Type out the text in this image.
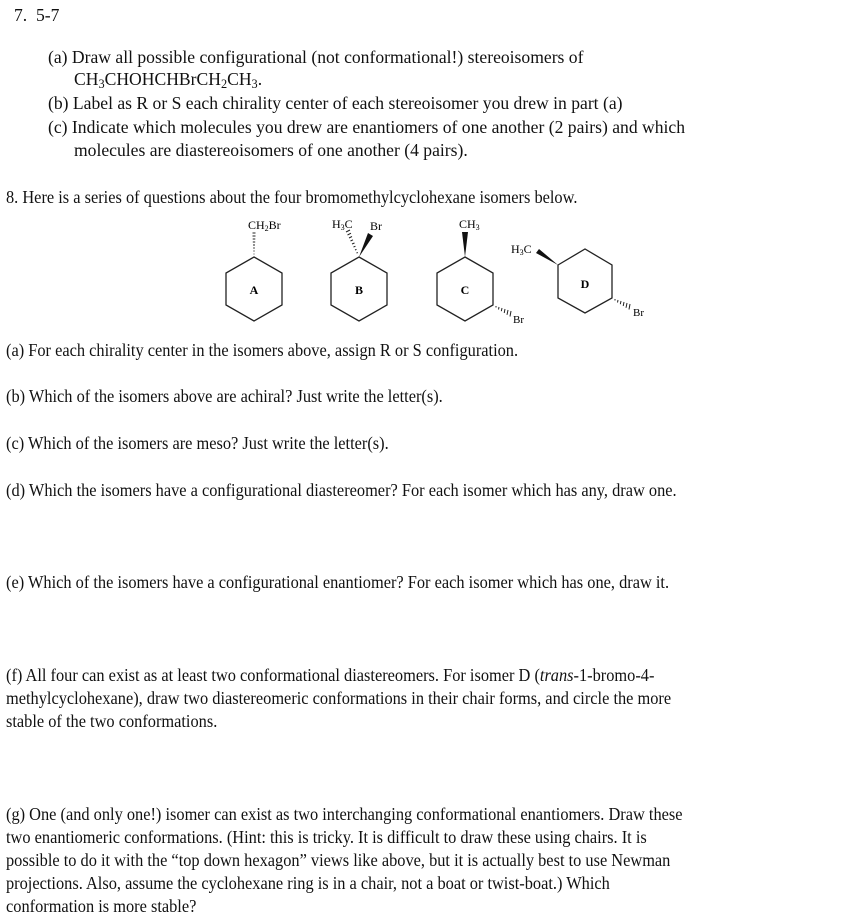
7. 5-7
(a) Draw all possible configurational (not conformational!) stereoisomers of
$CH_3CHOHCHBrCH_2CH_3$.
(b) Label as R or S each chirality center of each stereoisomer you drew in part (a)
(c) Indicate which molecules you drew are enantiomers of one another (2 pairs) and which
molecules are diastereoisomers of one another (4 pairs).
8. Here is a series of questions about the four bromomethylcyclohexane isomers below.
CH2Br
A
H3C Br
B
CH3
Br
C
H3C
Br
D
(a) For each chirality center in the isomers above, assign R or S configuration.
(b) Which of the isomers above are achiral? Just write the letter(s).
(c) Which of the isomers are meso? Just write the letter(s).
(d) Which the isomers have a configurational diastereomer? For each isomer which has any, draw one.
(e) Which of the isomers have a configurational enantiomer? For each isomer which has one, draw it.
(f) All four can exist as at least two conformational diastereomers. For isomer D (trans-1-bromo-4-
methylcyclohexane), draw two diastereomeric conformations in their chair forms, and circle the more
stable of the two conformations.
(g) One (and only one!) isomer can exist as two interchanging conformational enantiomers. Draw these
two enantiomeric conformations. (Hint: this is tricky. It is difficult to draw these using chairs. It is
possible to do it with the “top down hexagon” views like above, but it is actually best to use Newman
projections. Also, assume the cyclohexane ring is in a chair, not a boat or twist-boat.) Which
conformation is more stable?
